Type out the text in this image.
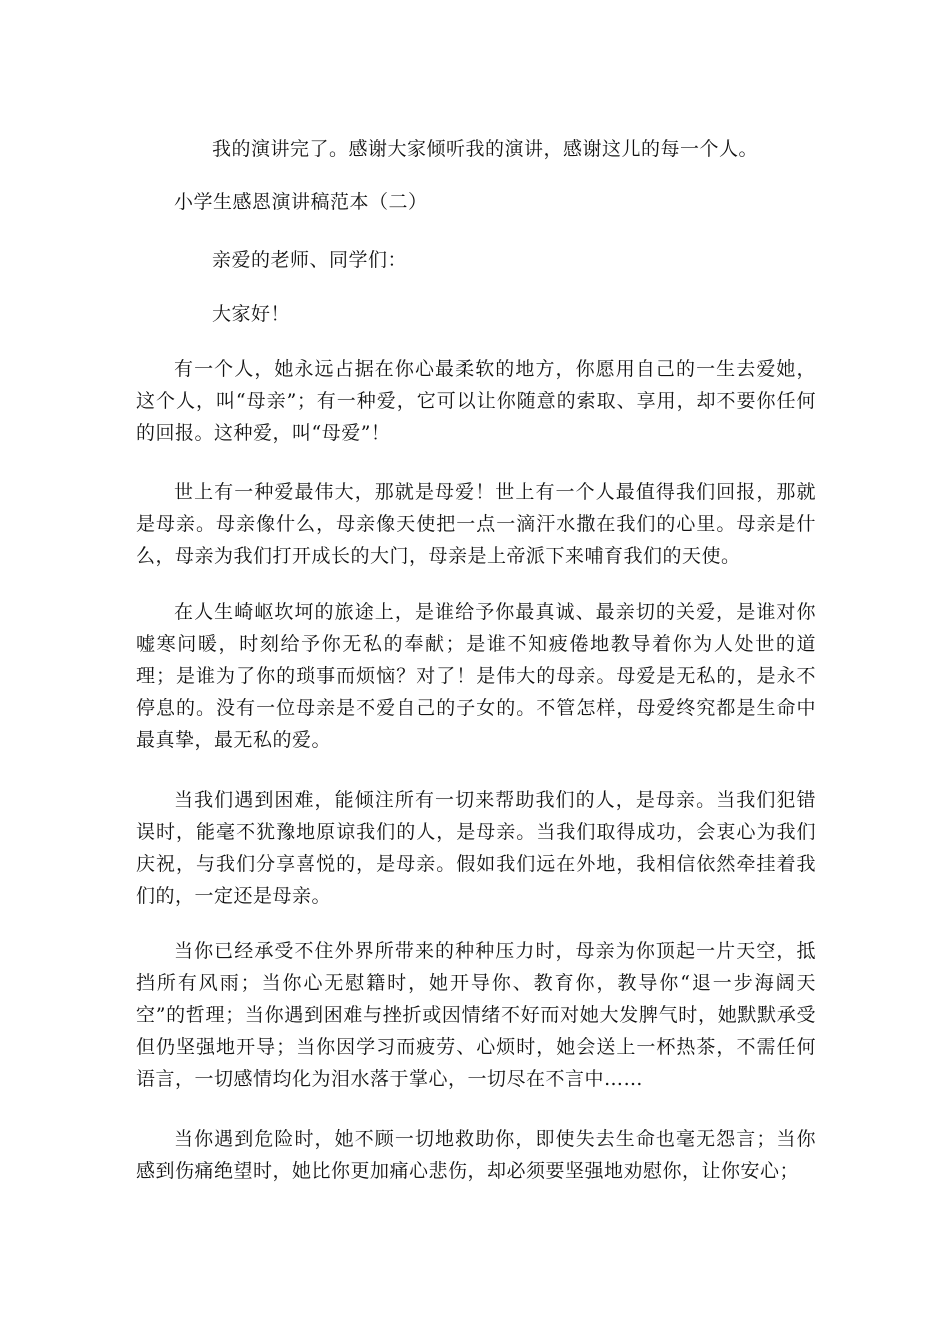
我的演讲完了。感谢大家倾听我的演讲，感谢这儿的每一个人。
小学生感恩演讲稿范本（二）
亲爱的老师、同学们：
大家好！

有一个人，她永远占据在你心最柔软的地方，你愿用自己的一生去爱她，这个人，叫“母亲”；有一种爱，它可以让你随意的索取、享用，却不要你任何的回报。这种爱，叫“母爱”！

世上有一种爱最伟大，那就是母爱！世上有一个人最值得我们回报，那就是母亲。母亲像什么，母亲像天使把一点一滴汗水撒在我们的心里。母亲是什么，母亲为我们打开成长的大门，母亲是上帝派下来哺育我们的天使。

在人生崎岖坎坷的旅途上，是谁给予你最真诚、最亲切的关爱，是谁对你嘘寒问暖，时刻给予你无私的奉献；是谁不知疲倦地教导着你为人处世的道理；是谁为了你的琐事而烦恼？对了！是伟大的母亲。母爱是无私的，是永不停息的。没有一位母亲是不爱自己的子女的。不管怎样，母爱终究都是生命中最真挚，最无私的爱。

当我们遇到困难，能倾注所有一切来帮助我们的人，是母亲。当我们犯错误时，能毫不犹豫地原谅我们的人，是母亲。当我们取得成功，会衷心为我们庆祝，与我们分享喜悦的，是母亲。假如我们远在外地，我相信依然牵挂着我们的，一定还是母亲。

当你已经承受不住外界所带来的种种压力时，母亲为你顶起一片天空，抵挡所有风雨；当你心无慰籍时，她开导你、教育你，教导你“退一步海阔天空”的哲理；当你遇到困难与挫折或因情绪不好而对她大发脾气时，她默默承受但仍坚强地开导；当你因学习而疲劳、心烦时，她会送上一杯热茶，不需任何语言，一切感情均化为泪水落于掌心，一切尽在不言中……

当你遇到危险时，她不顾一切地救助你，即使失去生命也毫无怨言；当你感到伤痛绝望时，她比你更加痛心悲伤，却必须要坚强地劝慰你，让你安心；
